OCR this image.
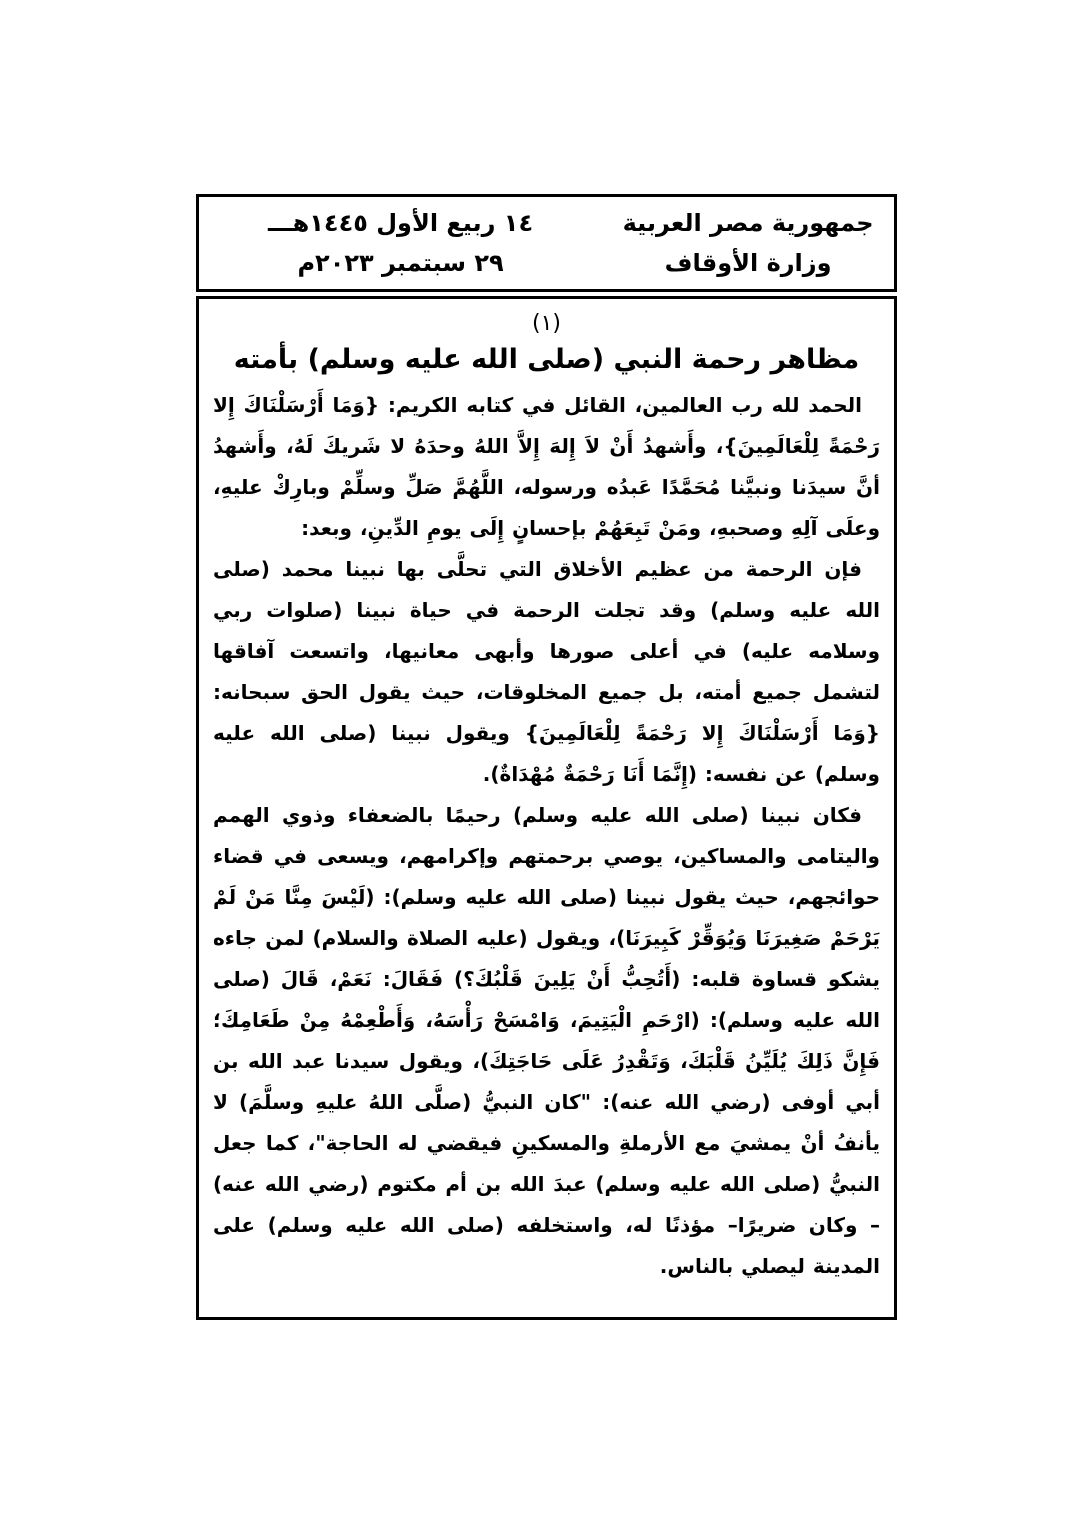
جمهورية مصر العربية
وزارة الأوقاف
١٤ ربيع الأول ١٤٤٥هـــ
٢٩ سبتمبر ٢٠٢٣م
(١)
مظاهر رحمة النبي (صلى الله عليه وسلم) بأمته

الحمد لله رب العالمين، القائل في كتابه الكريم: {وَمَا أَرْسَلْنَاكَ إِلا رَحْمَةً لِلْعَالَمِينَ}، وأَشهدُ أَنْ لاَ إِلهَ إِلاَّ اللهُ وحدَهُ لا شَريكَ لَهُ، وأَشهدُ أنَّ سيدَنا ونبيَّنا مُحَمَّدًا عَبدُه ورسوله، اللَّهُمَّ صَلِّ وسلِّمْ وبارِكْ عليهِ، وعلَى آلِهِ وصحبهِ، ومَنْ تَبِعَهُمْ بإحسانٍ إِلَى يومِ الدِّينِ، وبعد:

فإن الرحمة من عظيم الأخلاق التي تحلَّى بها نبينا محمد (صلى الله عليه وسلم) وقد تجلت الرحمة في حياة نبينا (صلوات ربي وسلامه عليه) في أعلى صورها وأبهى معانيها، واتسعت آفاقها لتشمل جميع أمته، بل جميع المخلوقات، حيث يقول الحق سبحانه: {وَمَا أَرْسَلْنَاكَ إِلا رَحْمَةً لِلْعَالَمِينَ} ويقول نبينا (صلى الله عليه وسلم) عن نفسه: (إِنَّمَا أَنَا رَحْمَةٌ مُهْدَاةٌ).

فكان نبينا (صلى الله عليه وسلم) رحيمًا بالضعفاء وذوي الهمم واليتامى والمساكين، يوصي برحمتهم وإكرامهم، ويسعى في قضاء حوائجهم، حيث يقول نبينا (صلى الله عليه وسلم): (لَيْسَ مِنَّا مَنْ لَمْ يَرْحَمْ صَغِيرَنَا وَيُوَقِّرْ كَبِيرَنَا)، ويقول (عليه الصلاة والسلام) لمن جاءه يشكو قساوة قلبه: (أَتُحِبُّ أَنْ يَلِينَ قَلْبُكَ؟) فَقَالَ: نَعَمْ، قَالَ (صلى الله عليه وسلم): (ارْحَمِ الْيَتِيمَ، وَامْسَحْ رَأْسَهُ، وَأَطْعِمْهُ مِنْ طَعَامِكَ؛ فَإِنَّ ذَلِكَ يُلَيِّنُ قَلْبَكَ، وَتَقْدِرُ عَلَى حَاجَتِكَ)، ويقول سيدنا عبد الله بن أبي أوفى (رضي الله عنه): "كان النبيُّ (صلَّى اللهُ عليهِ وسلَّمَ) لا يأنفُ أنْ يمشيَ مع الأرملةِ والمسكينِ فيقضي له الحاجة"، كما جعل النبيُّ (صلى الله عليه وسلم) عبدَ الله بن أم مكتوم (رضي الله عنه) – وكان ضريرًا– مؤذنًا له، واستخلفه (صلى الله عليه وسلم) على المدينة ليصلي بالناس.
